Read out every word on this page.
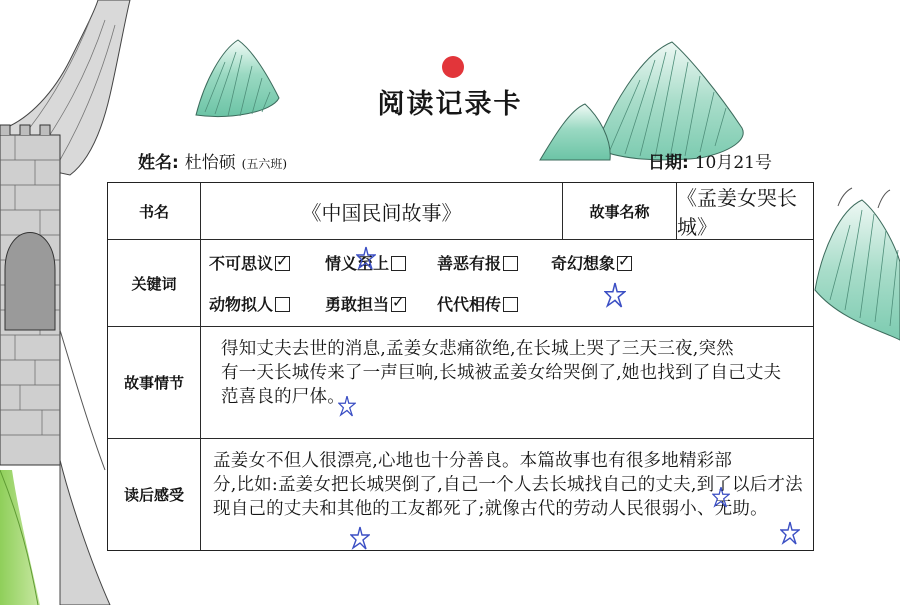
阅读记录卡
姓名: 杜怡硕 (五六班)	日期: 10月21号
书名	《中国民间故事》	故事名称
《孟姜女哭长城》
关键词
不可思议 ✓	情义至上	善恶有报	奇幻想象✓
动物拟人	勇敢担当 ✓	代代相传
故事情节
得知丈夫去世的消息,孟姜女悲痛欲绝,在长城上哭了三天三夜,突然
有一天长城传来了一声巨响,长城被孟姜女给哭倒了,她也找到了自己丈夫
范喜良的尸体。
读后感受
孟姜女不但人很漂亮,心地也十分善良。本篇故事也有很多地精彩部
分,比如:孟姜女把长城哭倒了,自己一个人去长城找自己的丈夫,到了以后才法
现自己的丈夫和其他的工友都死了;就像古代的劳动人民很弱小、无助。
